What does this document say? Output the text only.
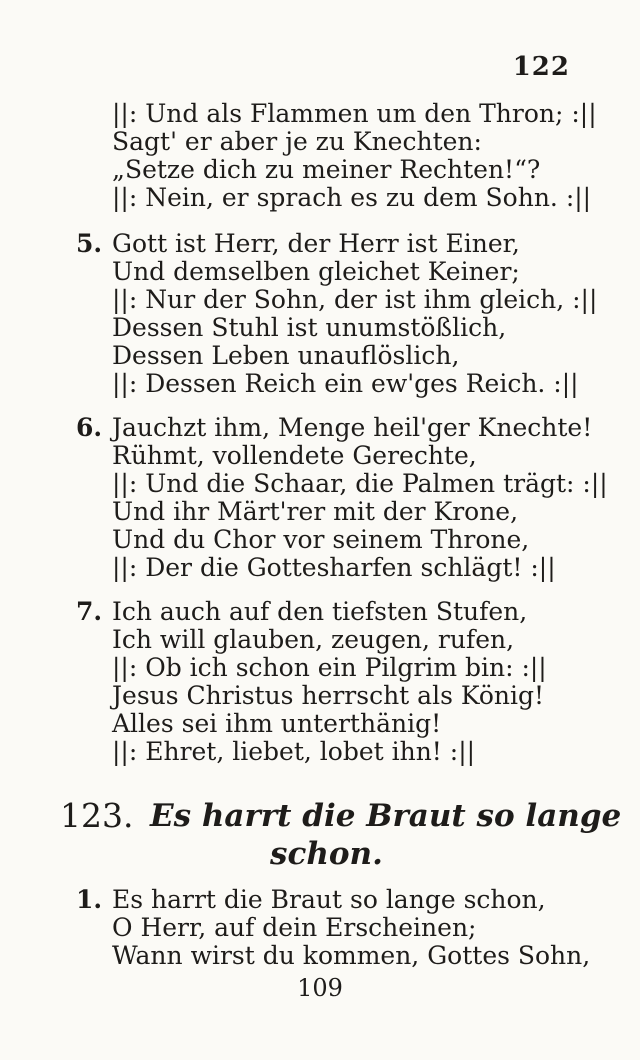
122
||: Und als Flammen um den Thron; :||
Sagt' er aber je zu Knechten:
„Setze dich zu meiner Rechten!“?
||: Nein, er sprach es zu dem Sohn. :||
5. Gott ist Herr, der Herr ist Einer,
Und demselben gleichet Keiner;
||: Nur der Sohn, der ist ihm gleich, :||
Dessen Stuhl ist unumstößlich,
Dessen Leben unauflöslich,
||: Dessen Reich ein ew'ges Reich. :||
6. Jauchzt ihm, Menge heil'ger Knechte!
Rühmt, vollendete Gerechte,
||: Und die Schaar, die Palmen trägt: :||
Und ihr Märt'rer mit der Krone,
Und du Chor vor seinem Throne,
||: Der die Gottesharfen schlägt! :||
7. Ich auch auf den tiefsten Stufen,
Ich will glauben, zeugen, rufen,
||: Ob ich schon ein Pilgrim bin: :||
Jesus Christus herrscht als König!
Alles sei ihm unterthänig!
||: Ehret, liebet, lobet ihn! :||
123. Es harrt die Braut so lange
schon.
1. Es harrt die Braut so lange schon,
O Herr, auf dein Erscheinen;
Wann wirst du kommen, Gottes Sohn,
109
